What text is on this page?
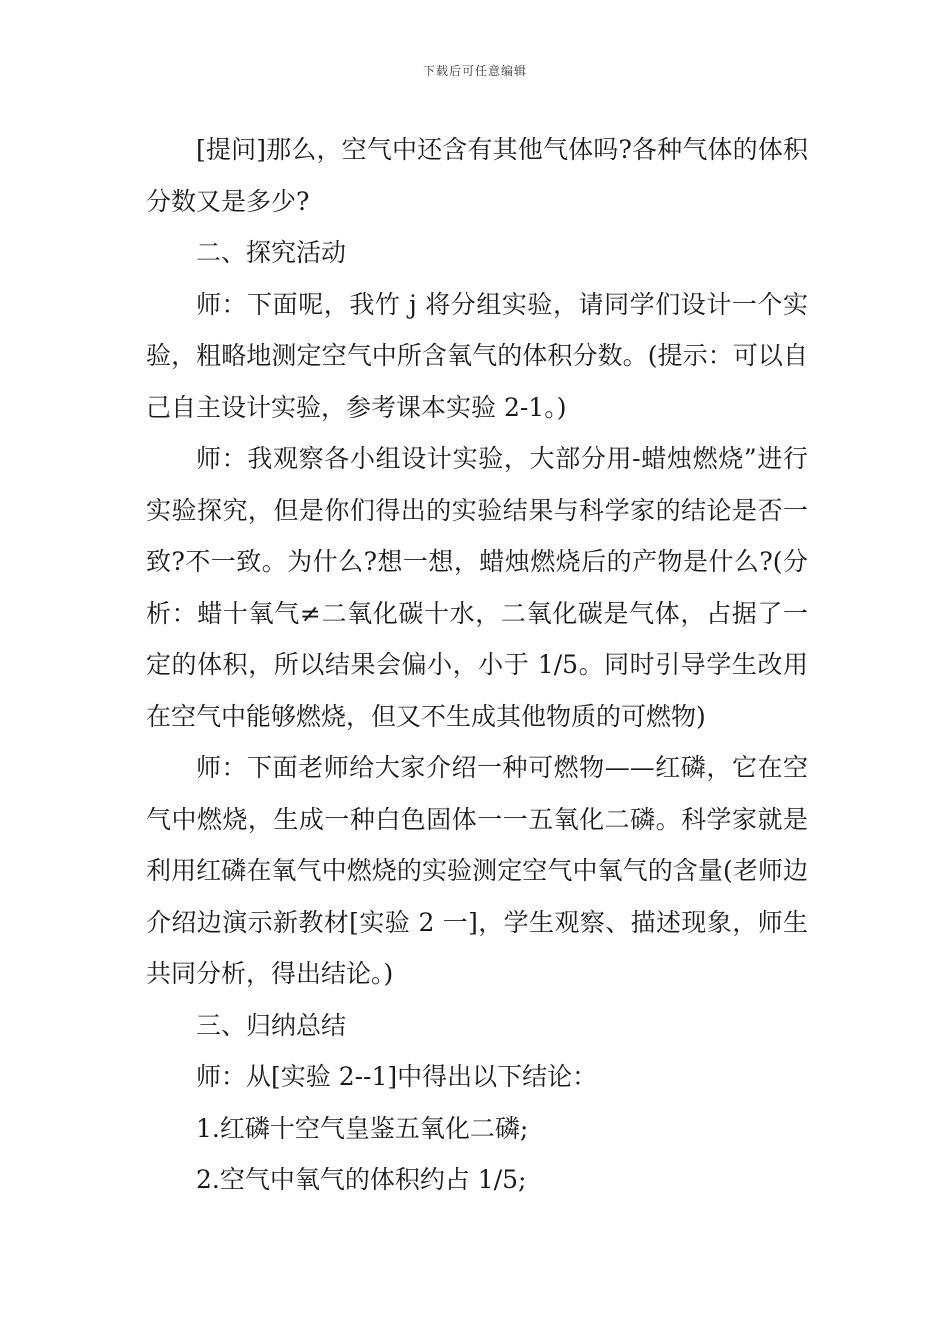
下载后可任意编辑

[提问]那么，空气中还含有其他气体吗?各种气体的体积分数又是多少?

二、探究活动

师：下面呢，我竹 j 将分组实验，请同学们设计一个实验，粗略地测定空气中所含氧气的体积分数。(提示：可以自己自主设计实验，参考课本实验 2-1。)

师：我观察各小组设计实验，大部分用-蜡烛燃烧”进行实验探究，但是你们得出的实验结果与科学家的结论是否一致?不一致。为什么?想一想，蜡烛燃烧后的产物是什么?(分析：蜡十氧气≠二氧化碳十水，二氧化碳是气体，占据了一定的体积，所以结果会偏小，小于 1/5。同时引导学生改用在空气中能够燃烧，但又不生成其他物质的可燃物)

师：下面老师给大家介绍一种可燃物——红磷，它在空气中燃烧，生成一种白色固体一一五氧化二磷。科学家就是利用红磷在氧气中燃烧的实验测定空气中氧气的含量(老师边介绍边演示新教材[实验 2 一]，学生观察、描述现象，师生共同分析，得出结论。)

三、归纳总结

师：从[实验 2--1]中得出以下结论：

1.红磷十空气皇鉴五氧化二磷;

2.空气中氧气的体积约占 1/5;
